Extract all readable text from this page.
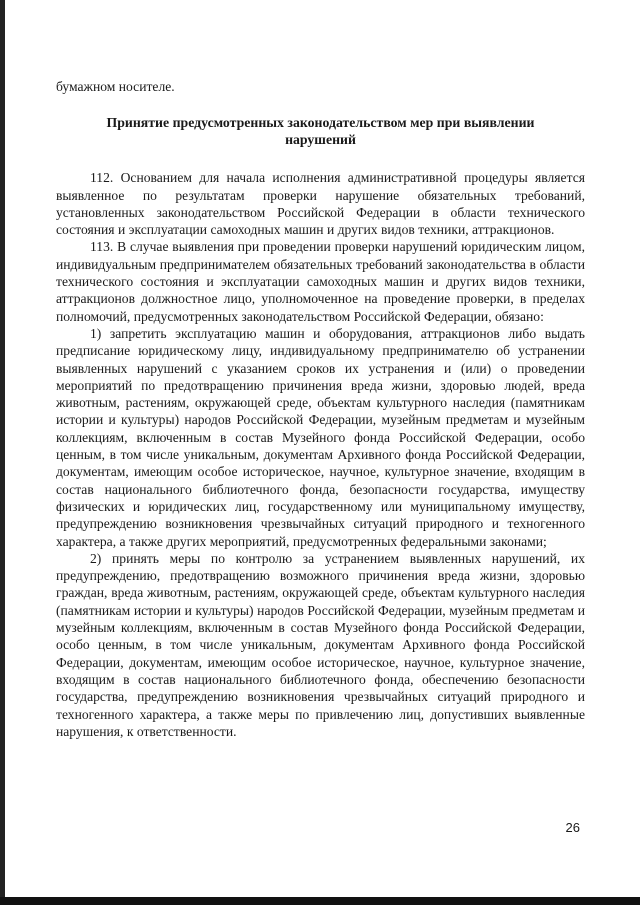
бумажном носителе.

Принятие предусмотренных законодательством мер при выявлении нарушений

112. Основанием для начала исполнения административной процедуры является выявленное по результатам проверки нарушение обязательных требований, установленных законодательством Российской Федерации в области технического состояния и эксплуатации самоходных машин и других видов техники, аттракционов.

113. В случае выявления при проведении проверки нарушений юридическим лицом, индивидуальным предпринимателем обязательных требований законодательства в области технического состояния и эксплуатации самоходных машин и других видов техники, аттракционов должностное лицо, уполномоченное на проведение проверки, в пределах полномочий, предусмотренных законодательством Российской Федерации, обязано:

1) запретить эксплуатацию машин и оборудования, аттракционов либо выдать предписание юридическому лицу, индивидуальному предпринимателю об устранении выявленных нарушений с указанием сроков их устранения и (или) о проведении мероприятий по предотвращению причинения вреда жизни, здоровью людей, вреда животным, растениям, окружающей среде, объектам культурного наследия (памятникам истории и культуры) народов Российской Федерации, музейным предметам и музейным коллекциям, включенным в состав Музейного фонда Российской Федерации, особо ценным, в том числе уникальным, документам Архивного фонда Российской Федерации, документам, имеющим особое историческое, научное, культурное значение, входящим в состав национального библиотечного фонда, безопасности государства, имуществу физических и юридических лиц, государственному или муниципальному имуществу, предупреждению возникновения чрезвычайных ситуаций природного и техногенного характера, а также других мероприятий, предусмотренных федеральными законами;

2) принять меры по контролю за устранением выявленных нарушений, их предупреждению, предотвращению возможного причинения вреда жизни, здоровью граждан, вреда животным, растениям, окружающей среде, объектам культурного наследия (памятникам истории и культуры) народов Российской Федерации, музейным предметам и музейным коллекциям, включенным в состав Музейного фонда Российской Федерации, особо ценным, в том числе уникальным, документам Архивного фонда Российской Федерации, документам, имеющим особое историческое, научное, культурное значение, входящим в состав национального библиотечного фонда, обеспечению безопасности государства, предупреждению возникновения чрезвычайных ситуаций природного и техногенного характера, а также меры по привлечению лиц, допустивших выявленные нарушения, к ответственности.

26
